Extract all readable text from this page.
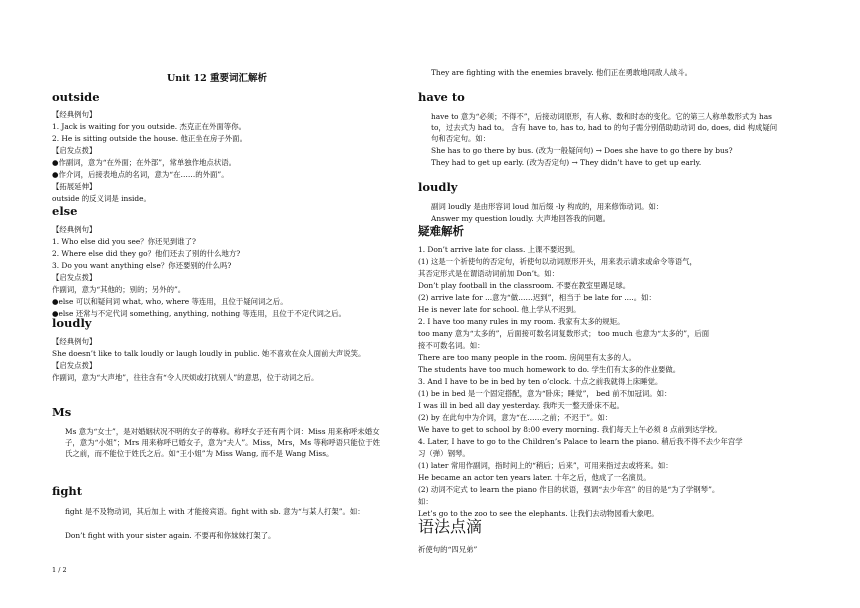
Unit 12 重要词汇解析
outside
【经典例句】
1. Jack is waiting for you outside. 杰克正在外面等你。
2. He is sitting outside the house. 他正坐在房子外面。
【启发点拨】
●作副词，意为“在外面；在外部”，常单独作地点状语。
●作介词，后接表地点的名词，意为“在……的外面”。
【拓展延伸】
outside 的反义词是 inside。
else
【经典例句】
1. Who else did you see？你还见到谁了?
2. Where else did they go？他们还去了别的什么地方?
3. Do you want anything else？你还要别的什么吗?
【启发点拨】
作副词，意为“其他的；别的；另外的”。
●else 可以和疑问词 what, who, where 等连用，且位于疑问词之后。
●else 还常与不定代词 something, anything, nothing 等连用，且位于不定代词之后。
loudly
【经典例句】
She doesn’t like to talk loudly or laugh loudly in public. 她不喜欢在众人面前大声说笑。
【启发点拨】
作副词，意为“大声地”，往往含有“令人厌烦或打扰别人”的意思，位于动词之后。
Ms
Ms 意为“女士”，是对婚姻状况不明的女子的尊称。称呼女子还有两个词：Miss 用来称呼未婚女子，意为“小姐”；Mrs 用来称呼已婚女子，意为“夫人”。Miss，Mrs，Ms 等称呼语只能位于姓氏之前，而不能位于姓氏之后。如“王小姐”为 Miss Wang, 而不是 Wang Miss。
fight
fight 是不及物动词，其后加上 with 才能接宾语。fight with sb. 意为“与某人打架”。如：
Don’t fight with your sister again. 不要再和你妹妹打架了。
They are fighting with the enemies bravely. 他们正在勇敢地同敌人战斗。
have to
have to 意为“必须；不得不”，后接动词原形，有人称、数和时态的变化。它的第三人称单数形式为 has to，过去式为 had to。 含有 have to, has to, had to 的句子需分别借助助动词 do, does, did 构成疑问句和否定句。如：
She has to go there by bus. (改为一般疑问句) → Does she have to go there by bus?
They had to get up early. (改为否定句) → They didn’t have to get up early.
loudly
副词 loudly 是由形容词 loud 加后缀 -ly 构成的，用来修饰动词。如：
Answer my question loudly. 大声地回答我的问题。
疑难解析
1. Don’t arrive late for class. 上课不要迟到。
(1) 这是一个祈使句的否定句，祈使句以动词原形开头，用来表示请求或命令等语气，
其否定形式是在谓语动词前加 Don’t。如：
Don’t play football in the classroom. 不要在教室里踢足球。
(2) arrive late for ...意为“做……迟到”，相当于 be late for ....。如：
He is never late for school. 他上学从不迟到。
2. I have too many rules in my room. 我家有太多的规矩。
too many 意为“太多的”，后面接可数名词复数形式； too much 也意为“太多的”，后面
接不可数名词。如：
There are too many people in the room. 房间里有太多的人。
The students have too much homework to do. 学生们有太多的作业要做。
3. And I have to be in bed by ten o’clock. 十点之前我就得上床睡觉。
(1) be in bed 是一个固定搭配，意为“卧床；睡觉”， bed 前不加冠词。如：
I was ill in bed all day yesterday. 我昨天一整天卧床不起。
(2) by 在此句中为介词，意为“在……之前；不迟于”。如：
We have to get to school by 8:00 every morning. 我们每天上午必须 8 点前到达学校。
4. Later, I have to go to the Children’s Palace to learn the piano. 稍后我不得不去少年宫学
习（弹）钢琴。
(1) later 常用作副词，指时间上的“稍后；后来”，可用来指过去或将来。如：
He became an actor ten years later. 十年之后，他成了一名演员。
(2) 动词不定式 to learn the piano 作目的状语，强调“去少年宫” 的目的是“为了学钢琴”。
如：
Let’s go to the zoo to see the elephants. 让我们去动物园看大象吧。
语法点滴
祈使句的“四兄弟”
1 / 2
